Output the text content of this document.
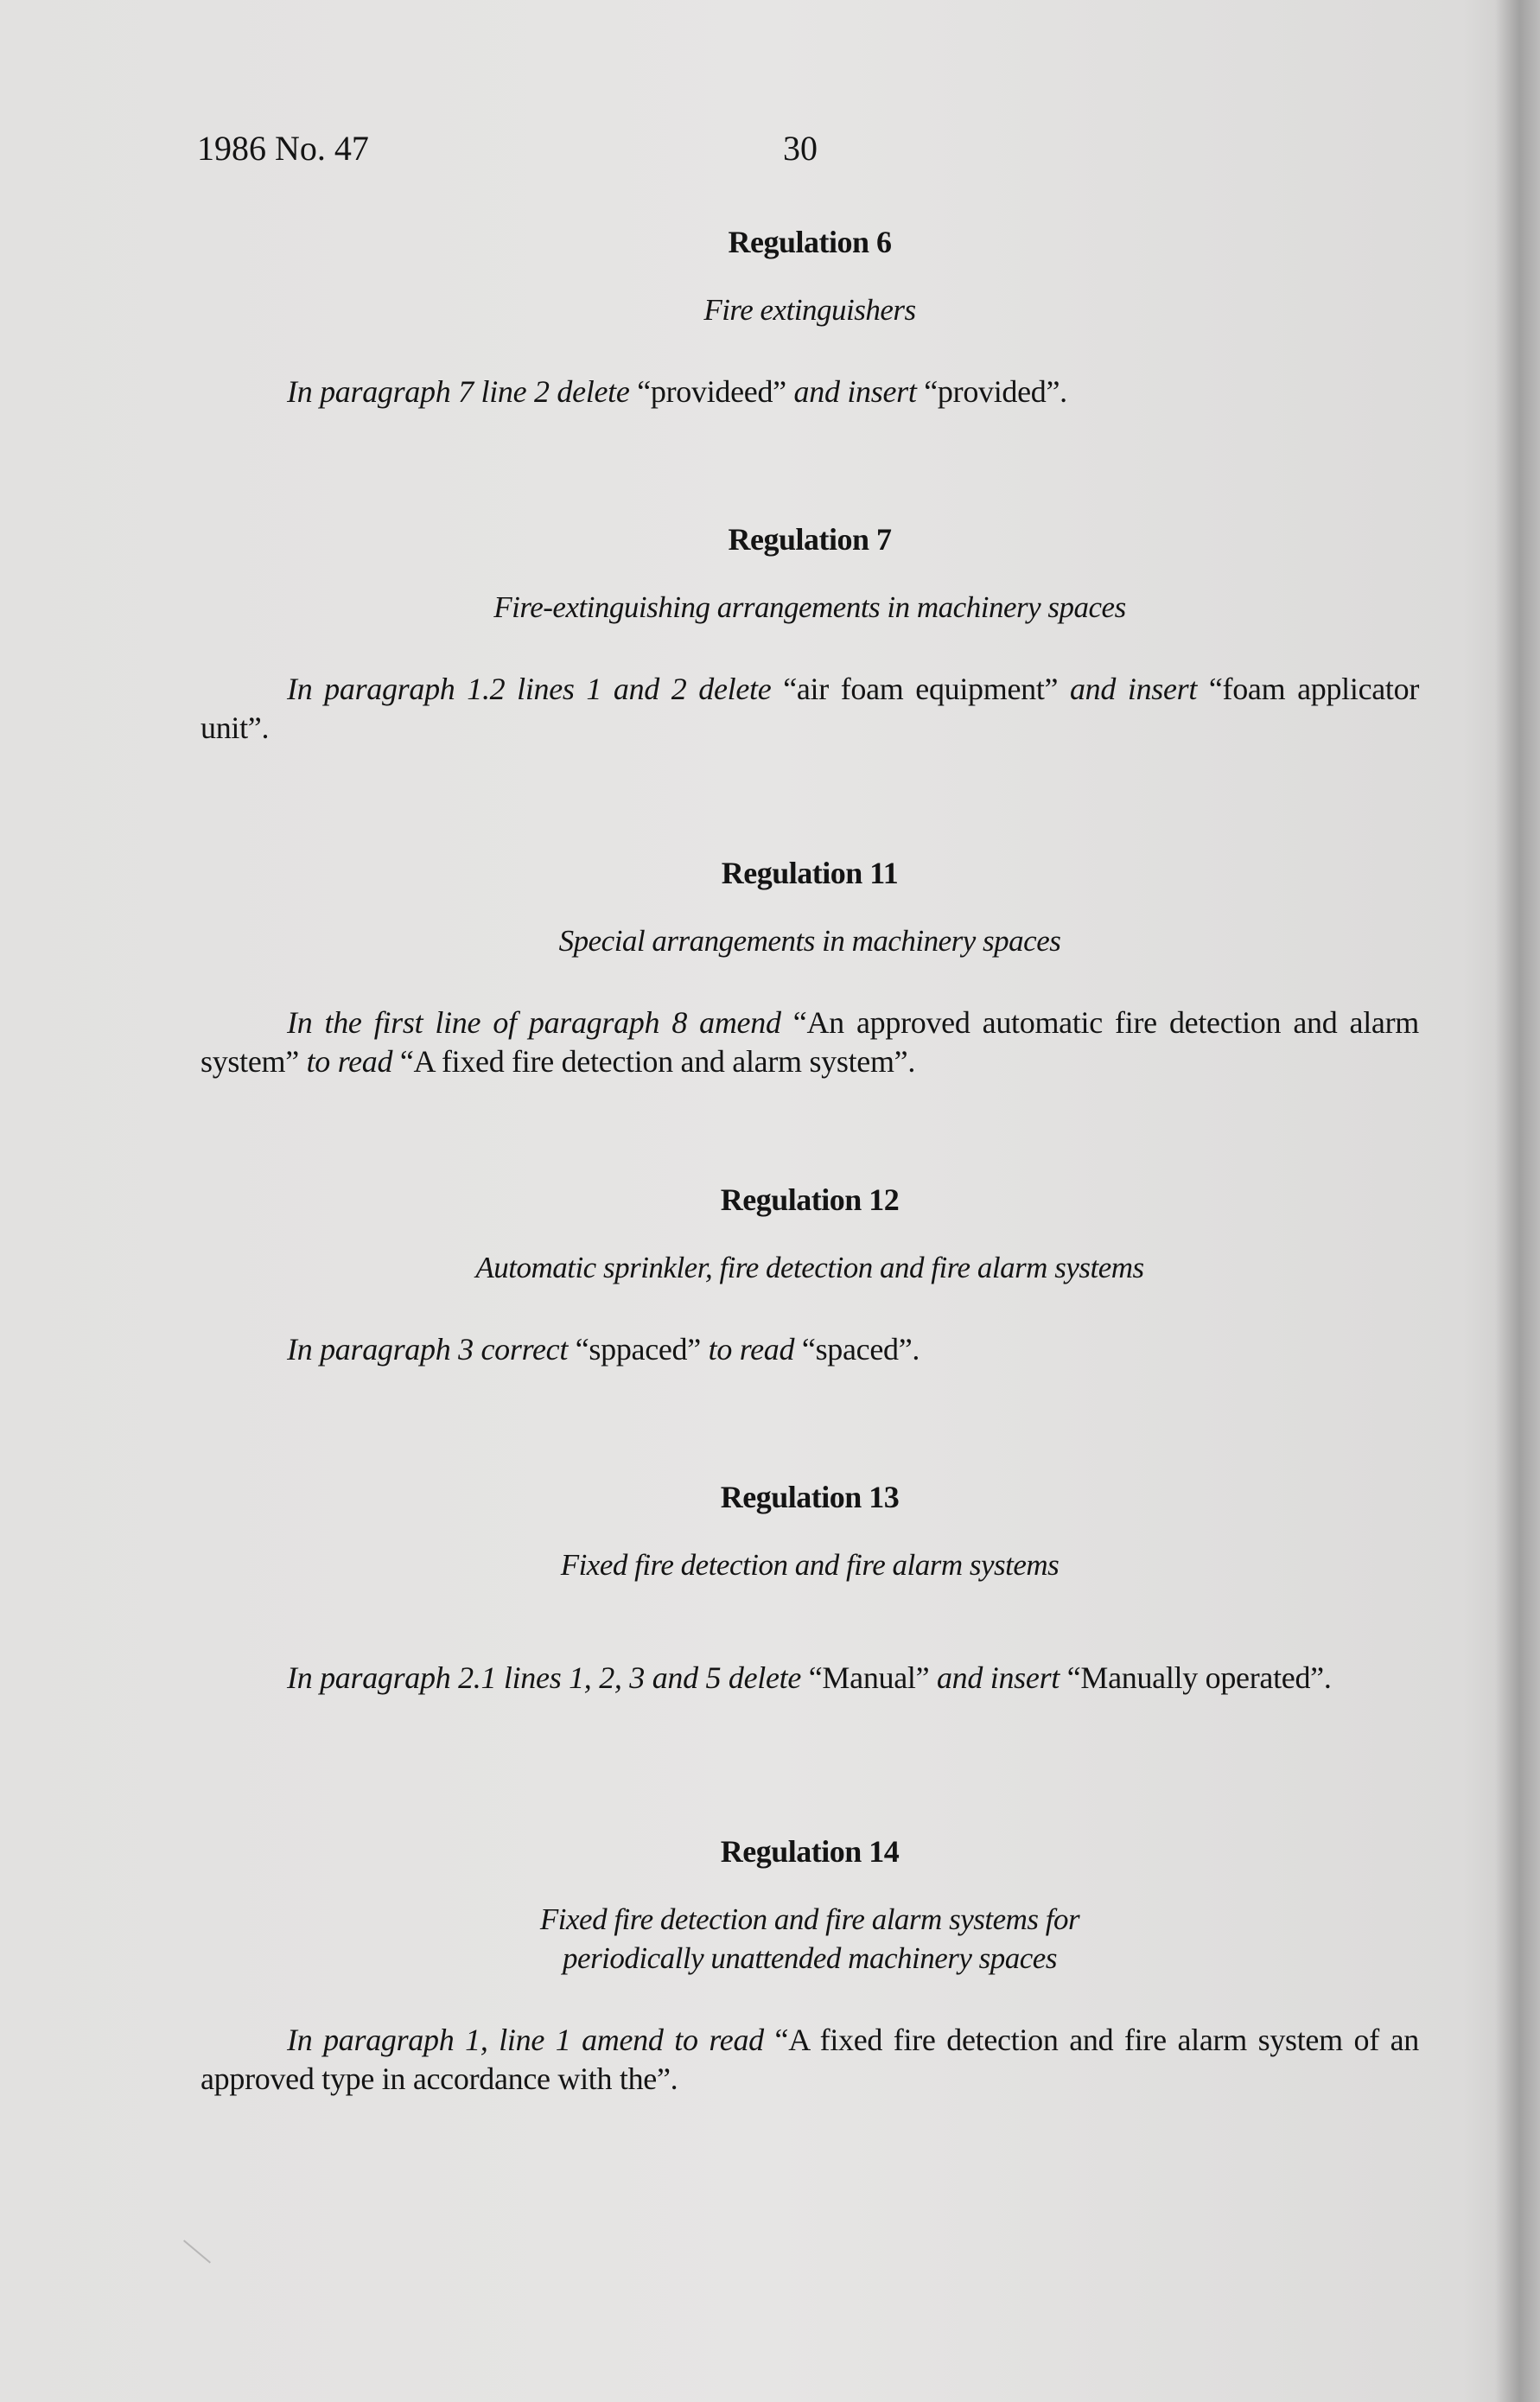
1986 No. 47	30
Regulation 6
Fire extinguishers
In paragraph 7 line 2 delete “provideed” and insert “provided”.
Regulation 7
Fire-extinguishing arrangements in machinery spaces
In paragraph 1.2 lines 1 and 2 delete “air foam equipment” and insert “foam applicator unit”.
Regulation 11
Special arrangements in machinery spaces
In the first line of paragraph 8 amend “An approved automatic fire detection and alarm system” to read “A fixed fire detection and alarm system”.
Regulation 12
Automatic sprinkler, fire detection and fire alarm systems
In paragraph 3 correct “sppaced” to read “spaced”.
Regulation 13
Fixed fire detection and fire alarm systems
In paragraph 2.1 lines 1, 2, 3 and 5 delete “Manual” and insert “Manually operated”.
Regulation 14
Fixed fire detection and fire alarm systems for
periodically unattended machinery spaces
In paragraph 1, line 1 amend to read “A fixed fire detection and fire alarm system of an approved type in accordance with the”.
